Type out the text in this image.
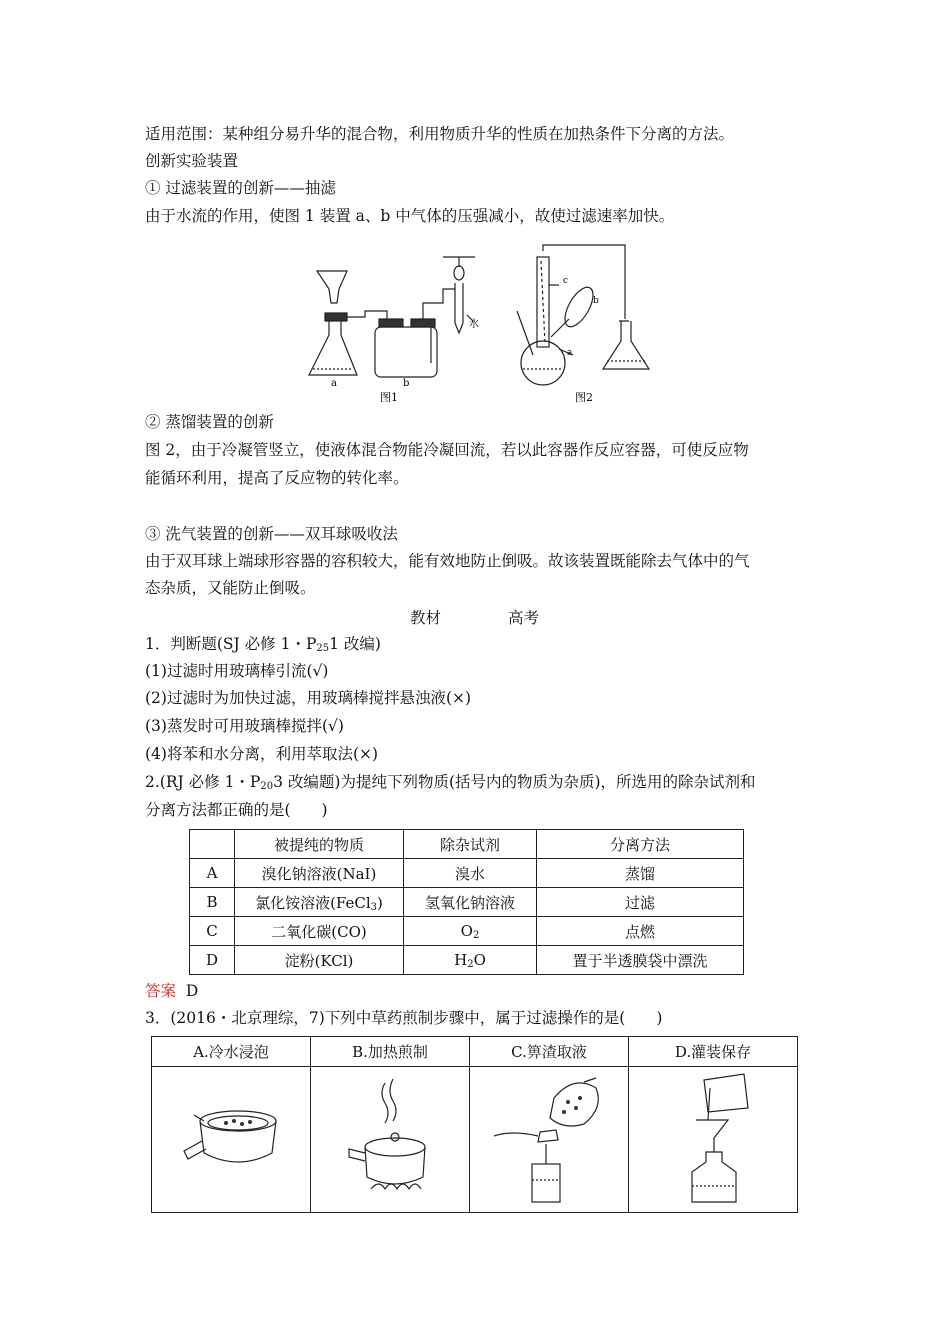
适用范围：某种组分易升华的混合物，利用物质升华的性质在加热条件下分离的方法。
创新实验装置
① 过滤装置的创新——抽滤
由于水流的作用，使图 1 装置 a、b 中气体的压强减小，故使过滤速率加快。
a	b
水
图1
c
b
a
图2
② 蒸馏装置的创新
图 2，由于冷凝管竖立，使液体混合物能冷凝回流，若以此容器作反应容器，可使反应物
能循环利用，提高了反应物的转化率。
③ 洗气装置的创新——双耳球吸收法
由于双耳球上端球形容器的容积较大，能有效地防止倒吸。故该装置既能除去气体中的气
态杂质，又能防止倒吸。
教材	高考
1．判断题(SJ 必修 1・$P_{25}1$ 改编)
(1)过滤时用玻璃棒引流(√)
(2)过滤时为加快过滤，用玻璃棒搅拌悬浊液(×)
(3)蒸发时可用玻璃棒搅拌(√)
(4)将苯和水分离，利用萃取法(×)
2.(RJ 必修 1・$P_{20}3$ 改编题)为提纯下列物质(括号内的物质为杂质)，所选用的除杂试剂和
分离方法都正确的是(　　)
	被提纯的物质	除杂试剂	分离方法
A	溴化钠溶液(NaI)	溴水	蒸馏
B	氯化铵溶液(FeCl$_3$)	氢氧化钠溶液	过滤
C	二氧化碳(CO)	$O_2$	点燃
D	淀粉(KCl)	$H_2O$	置于半透膜袋中漂洗
答案 D
3．(2016・北京理综，7)下列中草药煎制步骤中，属于过滤操作的是(　　)
A.冷水浸泡	B.加热煎制	C.箅渣取液	D.灌装保存
